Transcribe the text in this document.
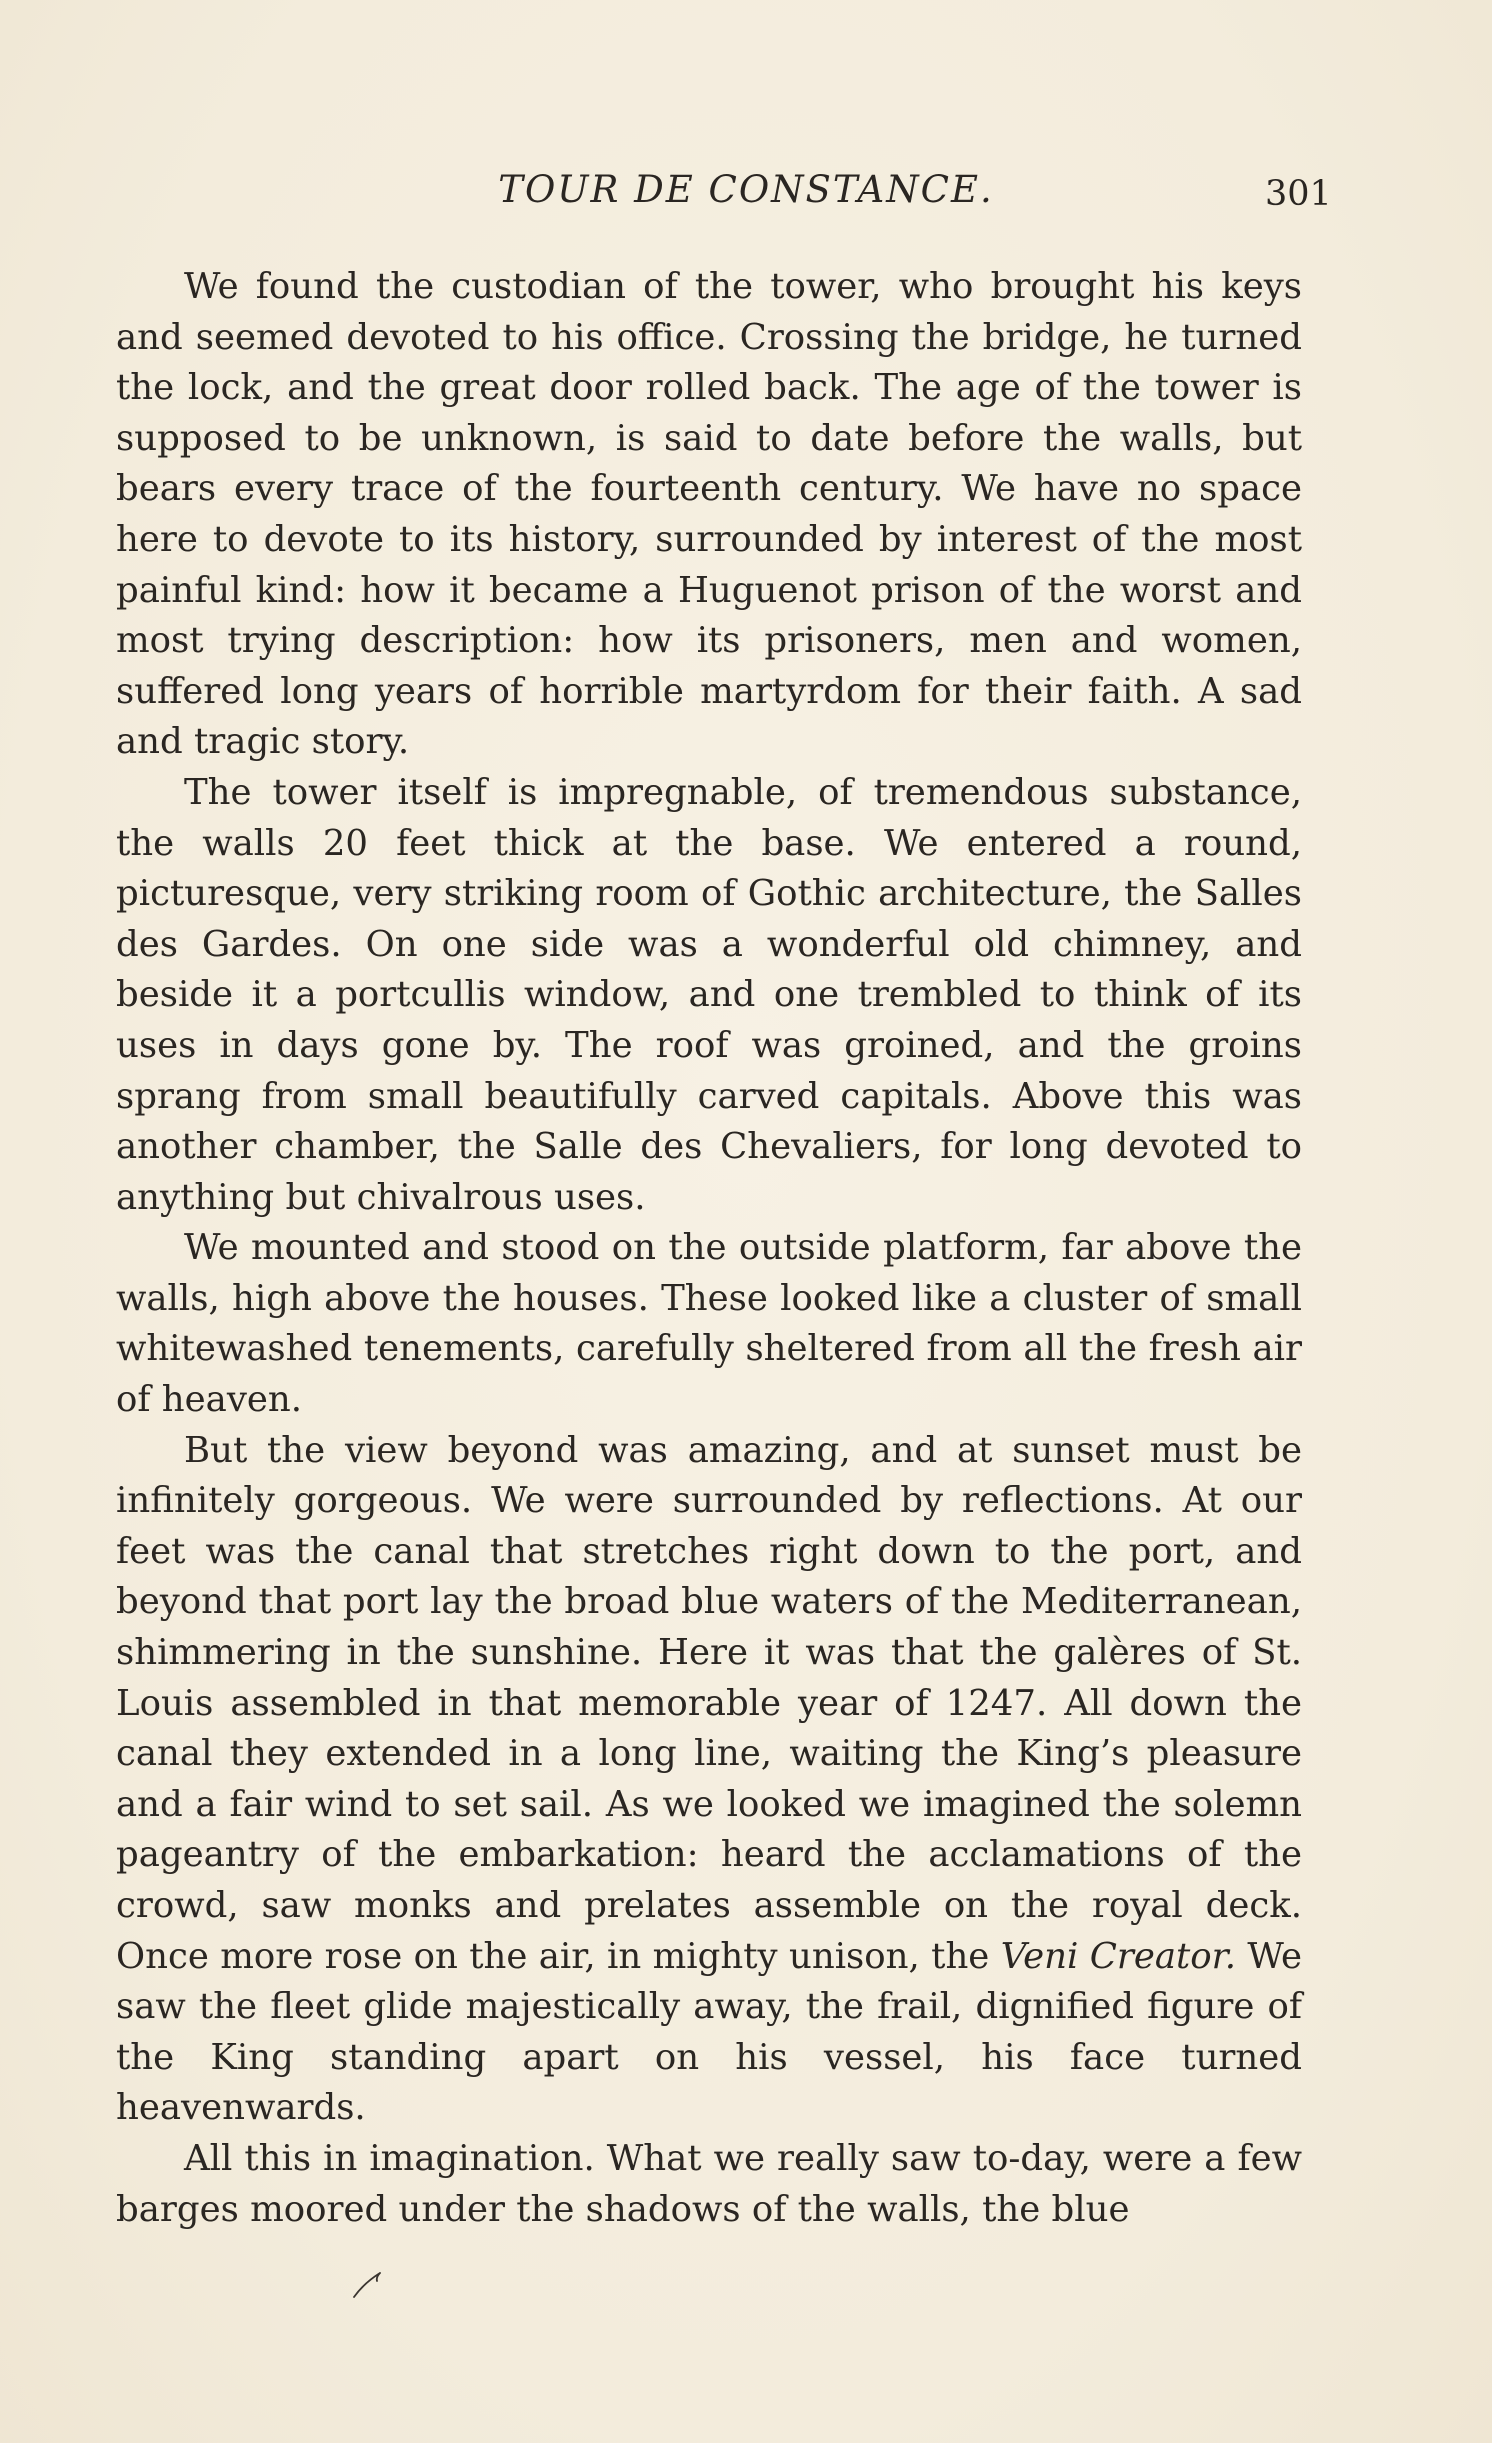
TOUR DE CONSTANCE.	301

We found the custodian of the tower, who brought his keys and seemed devoted to his office. Crossing the bridge, he turned the lock, and the great door rolled back. The age of the tower is supposed to be unknown, is said to date before the walls, but bears every trace of the fourteenth century. We have no space here to devote to its history, surrounded by interest of the most painful kind: how it became a Huguenot prison of the worst and most trying description: how its prisoners, men and women, suffered long years of horrible martyrdom for their faith. A sad and tragic story.

The tower itself is impregnable, of tremendous substance, the walls 20 feet thick at the base. We entered a round, picturesque, very striking room of Gothic architecture, the Salles des Gardes. On one side was a wonderful old chimney, and beside it a portcullis window, and one trembled to think of its uses in days gone by. The roof was groined, and the groins sprang from small beautifully carved capitals. Above this was another chamber, the Salle des Chevaliers, for long devoted to anything but chivalrous uses.

We mounted and stood on the outside platform, far above the walls, high above the houses. These looked like a cluster of small whitewashed tenements, carefully sheltered from all the fresh air of heaven.

But the view beyond was amazing, and at sunset must be infinitely gorgeous. We were surrounded by reflections. At our feet was the canal that stretches right down to the port, and beyond that port lay the broad blue waters of the Mediterranean, shimmering in the sunshine. Here it was that the galères of St. Louis assembled in that memorable year of 1247. All down the canal they extended in a long line, waiting the King’s pleasure and a fair wind to set sail. As we looked we imagined the solemn pageantry of the embarkation: heard the acclamations of the crowd, saw monks and prelates assemble on the royal deck. Once more rose on the air, in mighty unison, the Veni Creator. We saw the fleet glide majestically away, the frail, dignified figure of the King standing apart on his vessel, his face turned heavenwards.

All this in imagination. What we really saw to-day, were a few barges moored under the shadows of the walls, the blue
